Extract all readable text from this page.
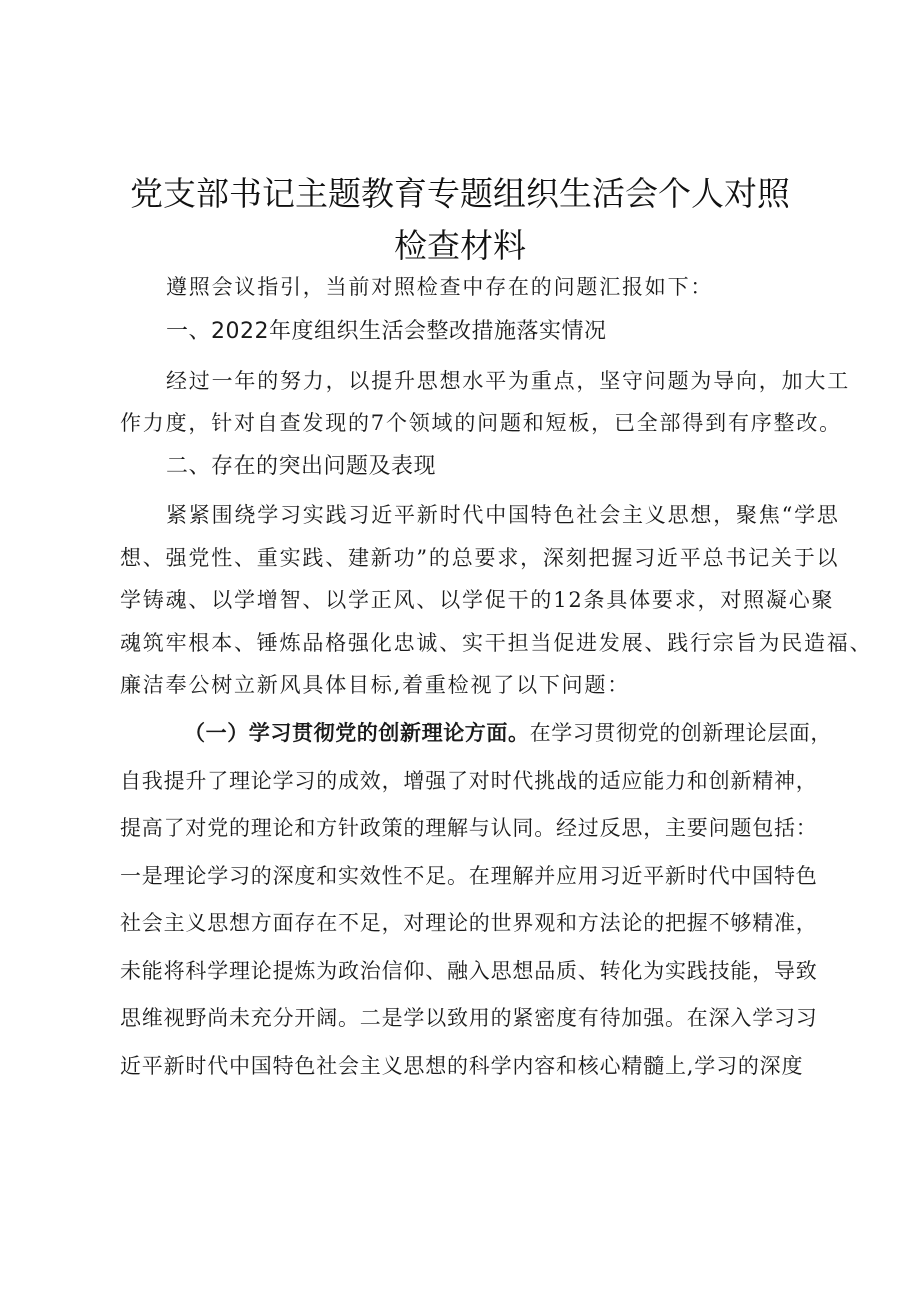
党支部书记主题教育专题组织生活会个人对照
检查材料

遵照会议指引，当前对照检查中存在的问题汇报如下：

一、2022年度组织生活会整改措施落实情况

经过一年的努力，以提升思想水平为重点，坚守问题为导向，加大工

作力度，针对自查发现的7个领域的问题和短板，已全部得到有序整改。

二、存在的突出问题及表现

紧紧围绕学习实践习近平新时代中国特色社会主义思想，聚焦“学思

想、强党性、重实践、建新功”的总要求，深刻把握习近平总书记关于以

学铸魂、以学增智、以学正风、以学促干的12条具体要求，对照凝心聚

魂筑牢根本、锤炼品格强化忠诚、实干担当促进发展、践行宗旨为民造福、

廉洁奉公树立新风具体目标,着重检视了以下问题：

（一）学习贯彻党的创新理论方面。在学习贯彻党的创新理论层面，

自我提升了理论学习的成效，增强了对时代挑战的适应能力和创新精神，

提高了对党的理论和方针政策的理解与认同。经过反思，主要问题包括：

一是理论学习的深度和实效性不足。在理解并应用习近平新时代中国特色

社会主义思想方面存在不足，对理论的世界观和方法论的把握不够精准，

未能将科学理论提炼为政治信仰、融入思想品质、转化为实践技能，导致

思维视野尚未充分开阔。二是学以致用的紧密度有待加强。在深入学习习

近平新时代中国特色社会主义思想的科学内容和核心精髓上,学习的深度
